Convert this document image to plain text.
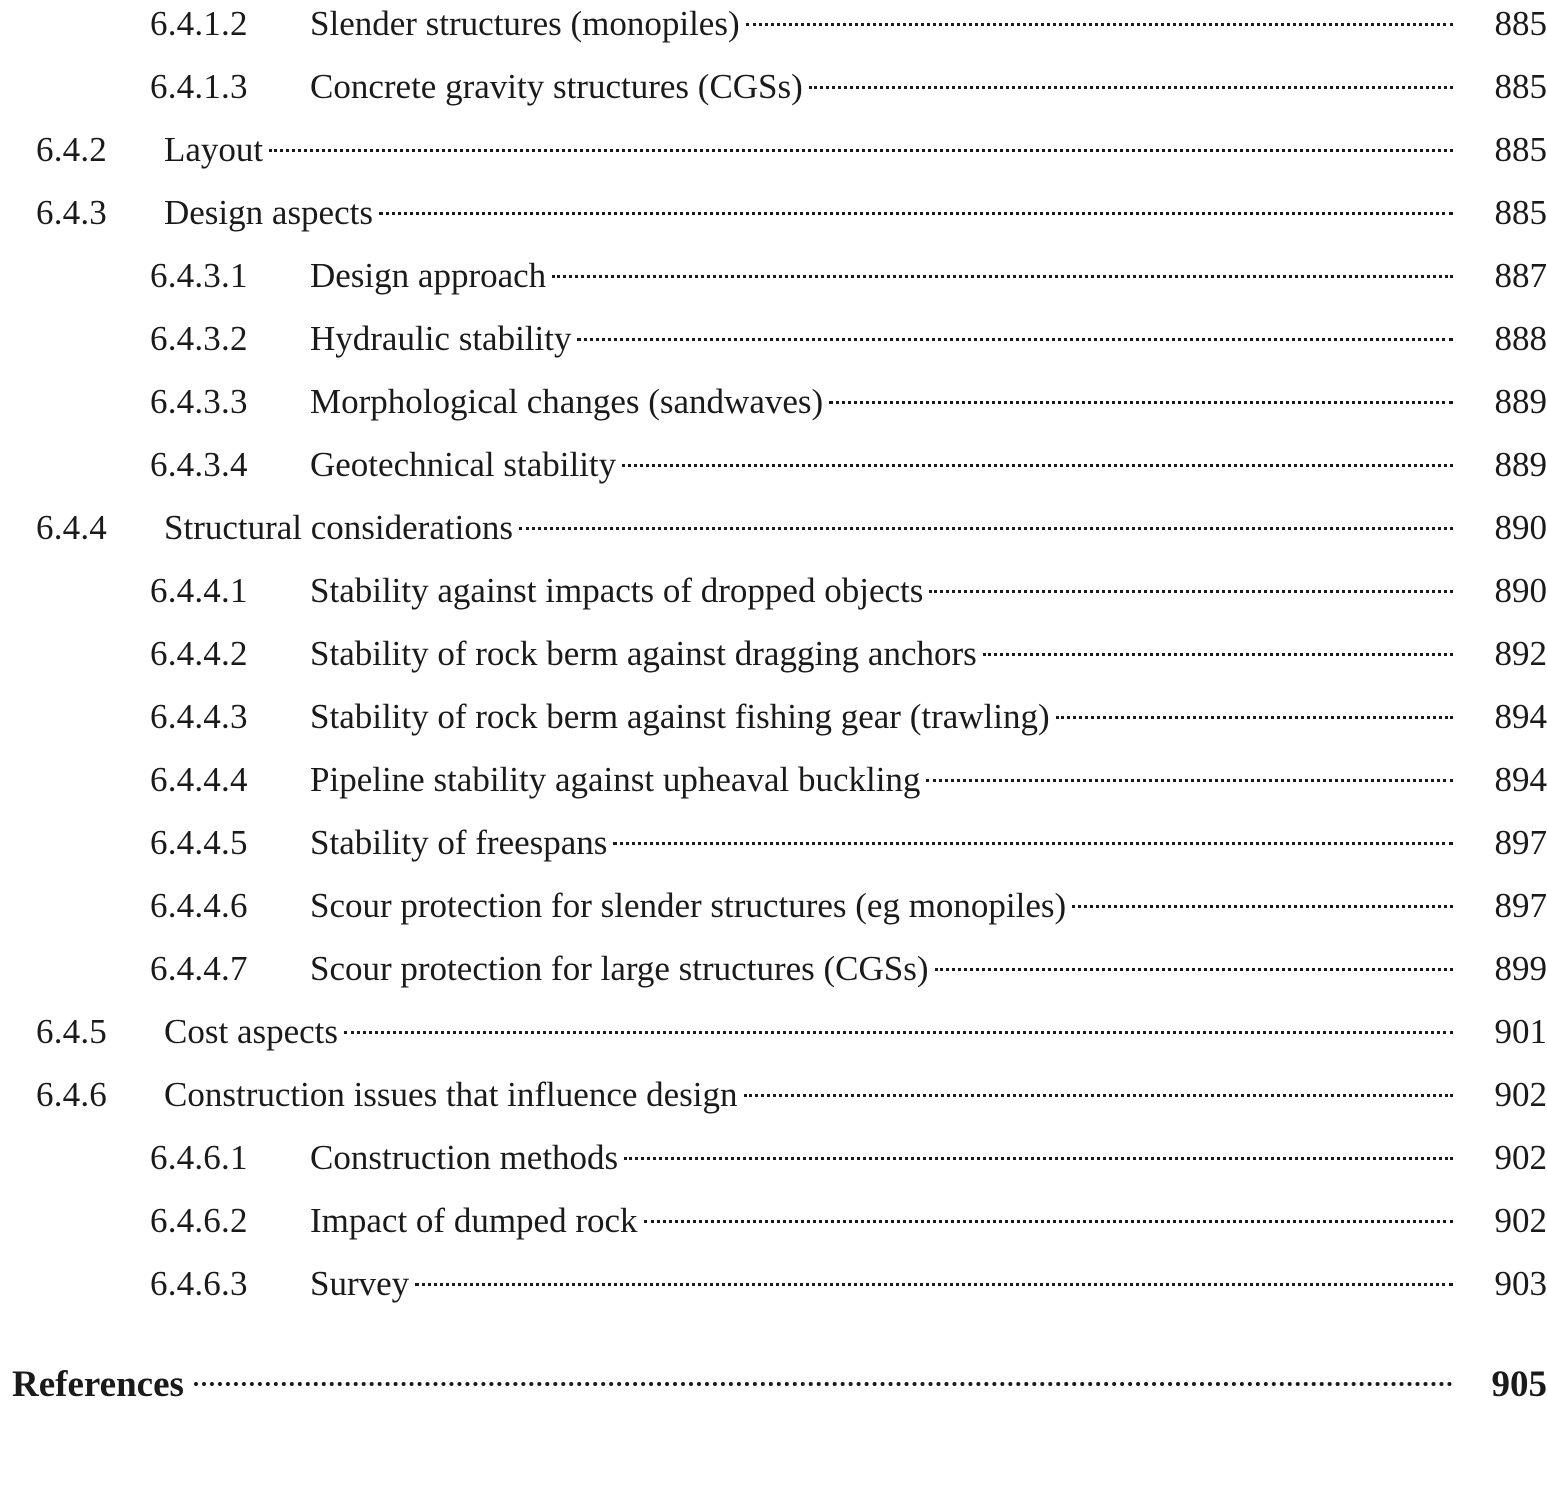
6.4.1.2	Slender structures (monopiles)	885
6.4.1.3	Concrete gravity structures (CGSs)	885
6.4.2	Layout	885
6.4.3	Design aspects	885
6.4.3.1	Design approach	887
6.4.3.2	Hydraulic stability	888
6.4.3.3	Morphological changes (sandwaves)	889
6.4.3.4	Geotechnical stability	889
6.4.4	Structural considerations	890
6.4.4.1	Stability against impacts of dropped objects	890
6.4.4.2	Stability of rock berm against dragging anchors	892
6.4.4.3	Stability of rock berm against fishing gear (trawling)	894
6.4.4.4	Pipeline stability against upheaval buckling	894
6.4.4.5	Stability of freespans	897
6.4.4.6	Scour protection for slender structures (eg monopiles)	897
6.4.4.7	Scour protection for large structures (CGSs)	899
6.4.5	Cost aspects	901
6.4.6	Construction issues that influence design	902
6.4.6.1	Construction methods	902
6.4.6.2	Impact of dumped rock	902
6.4.6.3	Survey	903
References	905
